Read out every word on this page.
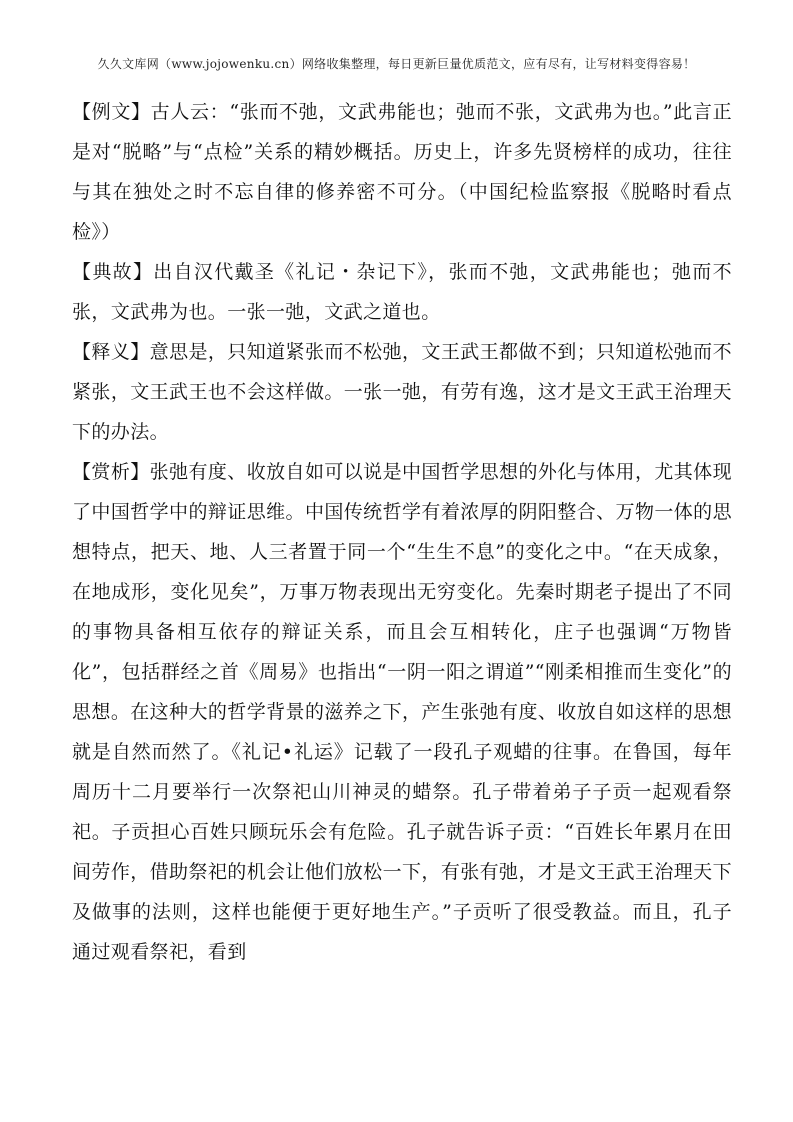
久久文库网（www.jojowenku.cn）网络收集整理，每日更新巨量优质范文，应有尽有，让写材料变得容易！

【例文】古人云：“张而不弛，文武弗能也；弛而不张，文武弗为也。”此言正是对“脱略”与“点检”关系的精妙概括。历史上，许多先贤榜样的成功，往往与其在独处之时不忘自律的修养密不可分。（中国纪检监察报《脱略时看点检》）

【典故】出自汉代戴圣《礼记・杂记下》，张而不弛，文武弗能也；弛而不张，文武弗为也。一张一弛，文武之道也。

【释义】意思是，只知道紧张而不松弛，文王武王都做不到；只知道松弛而不紧张，文王武王也不会这样做。一张一弛，有劳有逸，这才是文王武王治理天下的办法。

【赏析】张弛有度、收放自如可以说是中国哲学思想的外化与体用，尤其体现了中国哲学中的辩证思维。中国传统哲学有着浓厚的阴阳整合、万物一体的思想特点，把天、地、人三者置于同一个“生生不息”的变化之中。“在天成象，在地成形，变化见矣”，万事万物表现出无穷变化。先秦时期老子提出了不同的事物具备相互依存的辩证关系，而且会互相转化，庄子也强调“万物皆化”，包括群经之首《周易》也指出“一阴一阳之谓道”“刚柔相推而生变化”的思想。在这种大的哲学背景的滋养之下，产生张弛有度、收放自如这样的思想就是自然而然了。《礼记•礼运》记载了一段孔子观蜡的往事。在鲁国，每年周历十二月要举行一次祭祀山川神灵的蜡祭。孔子带着弟子子贡一起观看祭祀。子贡担心百姓只顾玩乐会有危险。孔子就告诉子贡：“百姓长年累月在田间劳作，借助祭祀的机会让他们放松一下，有张有弛，才是文王武王治理天下及做事的法则，这样也能便于更好地生产。”子贡听了很受教益。而且，孔子通过观看祭祀，看到
